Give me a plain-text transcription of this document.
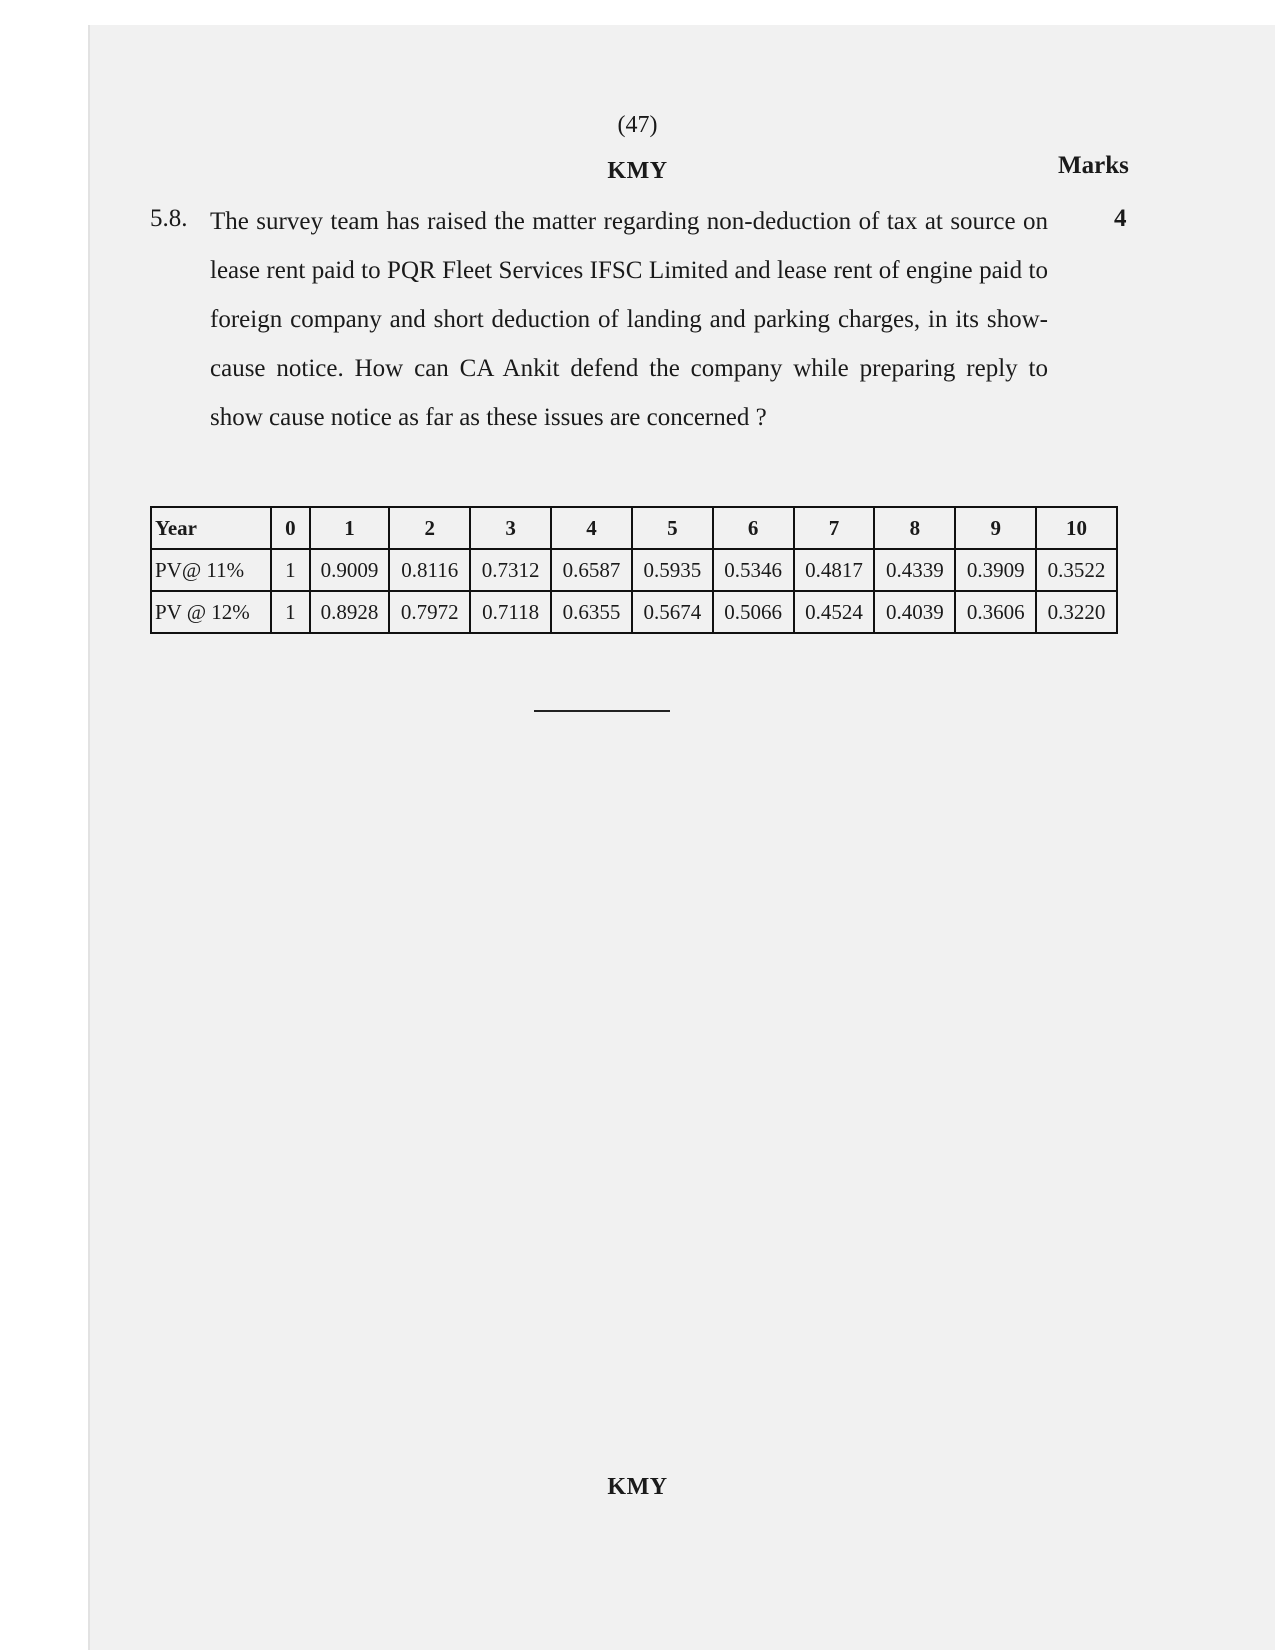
(47)
KMY	Marks
5.8. The survey team has raised the matter regarding non-deduction of tax at source on lease rent paid to PQR Fleet Services IFSC Limited and lease rent of engine paid to foreign company and short deduction of landing and parking charges, in its show-cause notice. How can CA Ankit defend the company while preparing reply to show cause notice as far as these issues are concerned ?
4
Year	0	1	2	3	4	5	6	7	8	9	10
PV@ 11%	1	0.9009	0.8116	0.7312	0.6587	0.5935	0.5346	0.4817	0.4339	0.3909	0.3522
PV @ 12%	1	0.8928	0.7972	0.7118	0.6355	0.5674	0.5066	0.4524	0.4039	0.3606	0.3220
KMY
